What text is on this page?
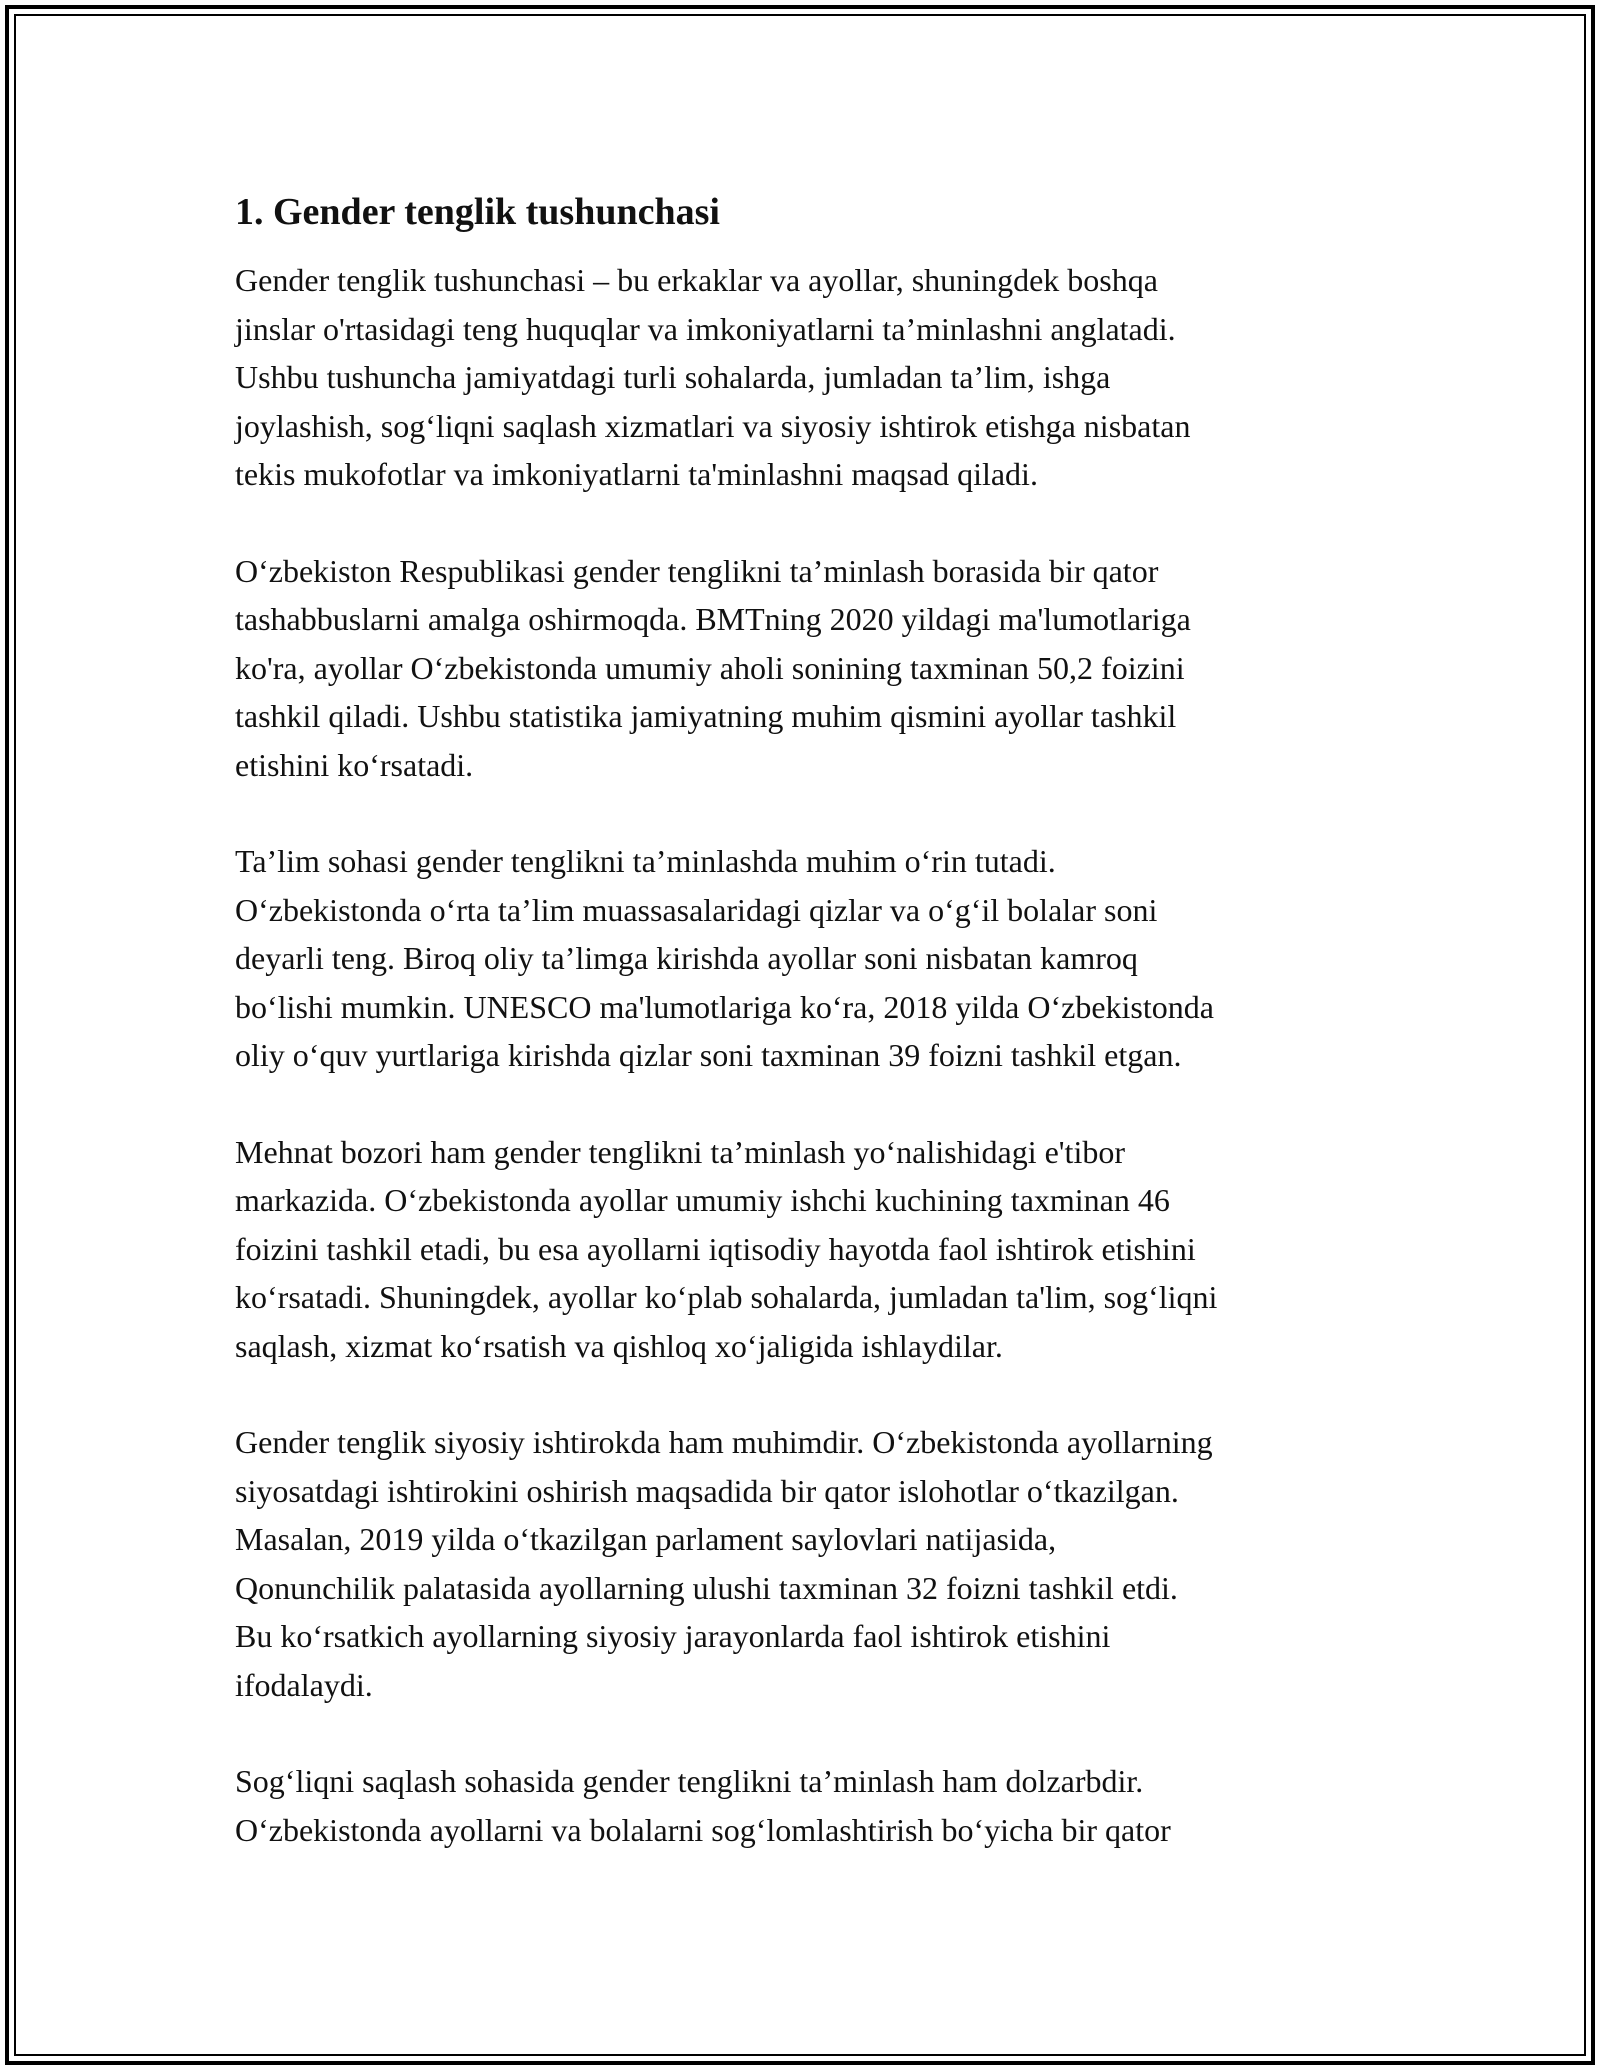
1. Gender tenglik tushunchasi

Gender tenglik tushunchasi – bu erkaklar va ayollar, shuningdek boshqa
jinslar o'rtasidagi teng huquqlar va imkoniyatlarni ta’minlashni anglatadi.
Ushbu tushuncha jamiyatdagi turli sohalarda, jumladan ta’lim, ishga
joylashish, sog‘liqni saqlash xizmatlari va siyosiy ishtirok etishga nisbatan
tekis mukofotlar va imkoniyatlarni ta'minlashni maqsad qiladi.

O‘zbekiston Respublikasi gender tenglikni ta’minlash borasida bir qator
tashabbuslarni amalga oshirmoqda. BMTning 2020 yildagi ma'lumotlariga
ko'ra, ayollar O‘zbekistonda umumiy aholi sonining taxminan 50,2 foizini
tashkil qiladi. Ushbu statistika jamiyatning muhim qismini ayollar tashkil
etishini ko‘rsatadi.

Ta’lim sohasi gender tenglikni ta’minlashda muhim o‘rin tutadi.
O‘zbekistonda o‘rta ta’lim muassasalaridagi qizlar va o‘g‘il bolalar soni
deyarli teng. Biroq oliy ta’limga kirishda ayollar soni nisbatan kamroq
bo‘lishi mumkin. UNESCO ma'lumotlariga ko‘ra, 2018 yilda O‘zbekistonda
oliy o‘quv yurtlariga kirishda qizlar soni taxminan 39 foizni tashkil etgan.

Mehnat bozori ham gender tenglikni ta’minlash yo‘nalishidagi e'tibor
markazida. O‘zbekistonda ayollar umumiy ishchi kuchining taxminan 46
foizini tashkil etadi, bu esa ayollarni iqtisodiy hayotda faol ishtirok etishini
ko‘rsatadi. Shuningdek, ayollar ko‘plab sohalarda, jumladan ta'lim, sog‘liqni
saqlash, xizmat ko‘rsatish va qishloq xo‘jaligida ishlaydilar.

Gender tenglik siyosiy ishtirokda ham muhimdir. O‘zbekistonda ayollarning
siyosatdagi ishtirokini oshirish maqsadida bir qator islohotlar o‘tkazilgan.
Masalan, 2019 yilda o‘tkazilgan parlament saylovlari natijasida,
Qonunchilik palatasida ayollarning ulushi taxminan 32 foizni tashkil etdi.
Bu ko‘rsatkich ayollarning siyosiy jarayonlarda faol ishtirok etishini
ifodalaydi.

Sog‘liqni saqlash sohasida gender tenglikni ta’minlash ham dolzarbdir.
O‘zbekistonda ayollarni va bolalarni sog‘lomlashtirish bo‘yicha bir qator
